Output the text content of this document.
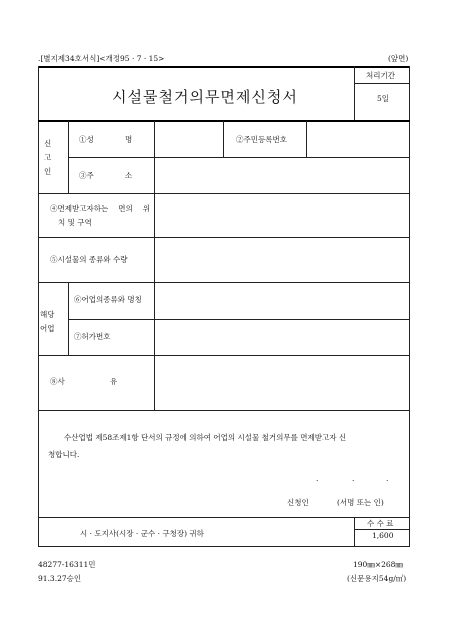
.[별지제34호서식]<개정95 · 7 · 15>	(앞면)
시설물철거의무면제신청서
처리기간
5일
신
고
인
①성	명	②주민등록번호
③주	소
④면제받고자하는 면의 위
치 및 구역
⑤시설물의 종류와 수량
해당
어업
⑥어업의종류와 명칭
⑦허가번호
⑧사	유
수산업법 제58조제1항 단서의 규정에 의하여 어업의 시설물 철거의무를 면제받고자 신
청합니다.
.	.	.
신청인	(서명 또는 인)
시 · 도지사(시장 · 군수 · 구청장) 귀하
수 수 료
1,600
48277-16311민
91.3.27승인
190㎜×268㎜
(신문용지54g/㎡)
